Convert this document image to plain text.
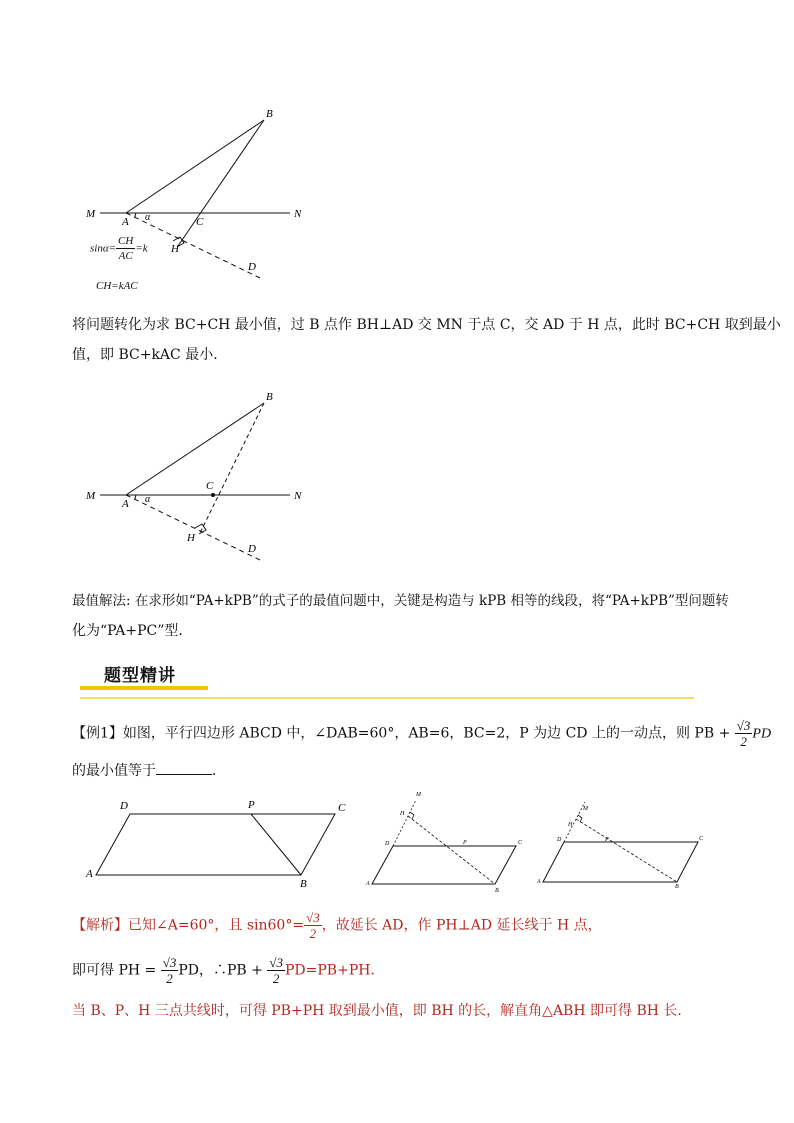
B
M
A α	C
N
H
D
$\sin\alpha= \frac{CH}{AC} =k$
CH=kAC
将问题转化为求 BC+CH 最小值，过 B 点作 BH⊥AD 交 MN 于点 C，交 AD 于 H 点，此时 BC+CH 取到最小
值，即 BC+kAC 最小．
B
M
A α
C
N
H
D
最值解法: 在求形如“PA+kPB”的式子的最值问题中，关键是构造与 kPB 相等的线段，将“PA+kPB”型问题转
化为“PA+PC”型．
题型精讲
【例1】如图，平行四边形 ABCD 中，∠DAB=60°，AB=6，BC=2，P 为边 CD 上的一动点，则 PB + $\frac{√3}{2}$ PD
的最小值等于	．
D	P	C
A
B
M
H
D	P	C
A
B
M
H
D	P	C
A
B
【解析】已知∠A=60°，且 $\sin 60^\circ= \frac{√3}{2}$ ，故延长 AD，作 PH⊥AD 延长线于 H 点，
即可得 PH = $\frac{√3}{2}$ PD，∴PB + $\frac{√3}{2} PD=PB+PH$．
当 B、P、H 三点共线时，可得 PB+PH 取到最小值，即 BH 的长，解直角△ABH 即可得 BH 长．
